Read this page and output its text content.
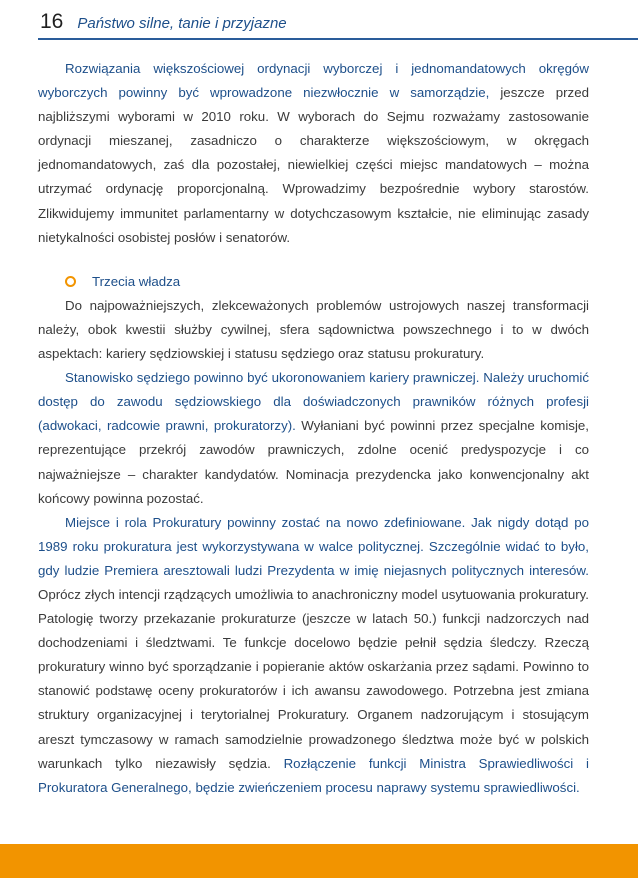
16 Państwo silne, tanie i przyjazne

Rozwiązania większościowej ordynacji wyborczej i jednomandatowych okręgów wyborczych powinny być wprowadzone niezwłocznie w samorządzie, jeszcze przed najbliższymi wyborami w 2010 roku. W wyborach do Sejmu rozważamy zastosowanie ordynacji mieszanej, zasadniczo o charakterze większościowym, w okręgach jednomandatowych, zaś dla pozostałej, niewielkiej części miejsc mandatowych – można utrzymać ordynację proporcjonalną. Wprowadzimy bezpośrednie wybory starostów. Zlikwidujemy immunitet parlamentarny w dotychczasowym kształcie, nie eliminując zasady nietykalności osobistej posłów i senatorów.

Trzecia władza

Do najpoważniejszych, zlekceważonych problemów ustrojowych naszej transformacji należy, obok kwestii służby cywilnej, sfera sądownictwa powszechnego i to w dwóch aspektach: kariery sędziowskiej i statusu sędziego oraz statusu prokuratury.

Stanowisko sędziego powinno być ukoronowaniem kariery prawniczej. Należy uruchomić dostęp do zawodu sędziowskiego dla doświadczonych prawników różnych profesji (adwokaci, radcowie prawni, prokuratorzy). Wyłaniani być powinni przez specjalne komisje, reprezentujące przekrój zawodów prawniczych, zdolne ocenić predyspozycje i co najważniejsze – charakter kandydatów. Nominacja prezydencka jako konwencjonalny akt końcowy powinna pozostać.

Miejsce i rola Prokuratury powinny zostać na nowo zdefiniowane. Jak nigdy dotąd po 1989 roku prokuratura jest wykorzystywana w walce politycznej. Szczególnie widać to było, gdy ludzie Premiera aresztowali ludzi Prezydenta w imię niejasnych politycznych interesów. Oprócz złych intencji rządzących umożliwia to anachroniczny model usytuowania prokuratury. Patologię tworzy przekazanie prokuraturze (jeszcze w latach 50.) funkcji nadzorczych nad dochodzeniami i śledztwami. Te funkcje docelowo będzie pełnił sędzia śledczy. Rzeczą prokuratury winno być sporządzanie i popieranie aktów oskarżania przez sądami. Powinno to stanowić podstawę oceny prokuratorów i ich awansu zawodowego. Potrzebna jest zmiana struktury organizacyjnej i terytorialnej Prokuratury. Organem nadzorującym i stosującym areszt tymczasowy w ramach samodzielnie prowadzonego śledztwa może być w polskich warunkach tylko niezawisły sędzia. Rozłączenie funkcji Ministra Sprawiedliwości i Prokuratora Generalnego, będzie zwieńczeniem procesu naprawy systemu sprawiedliwości.
